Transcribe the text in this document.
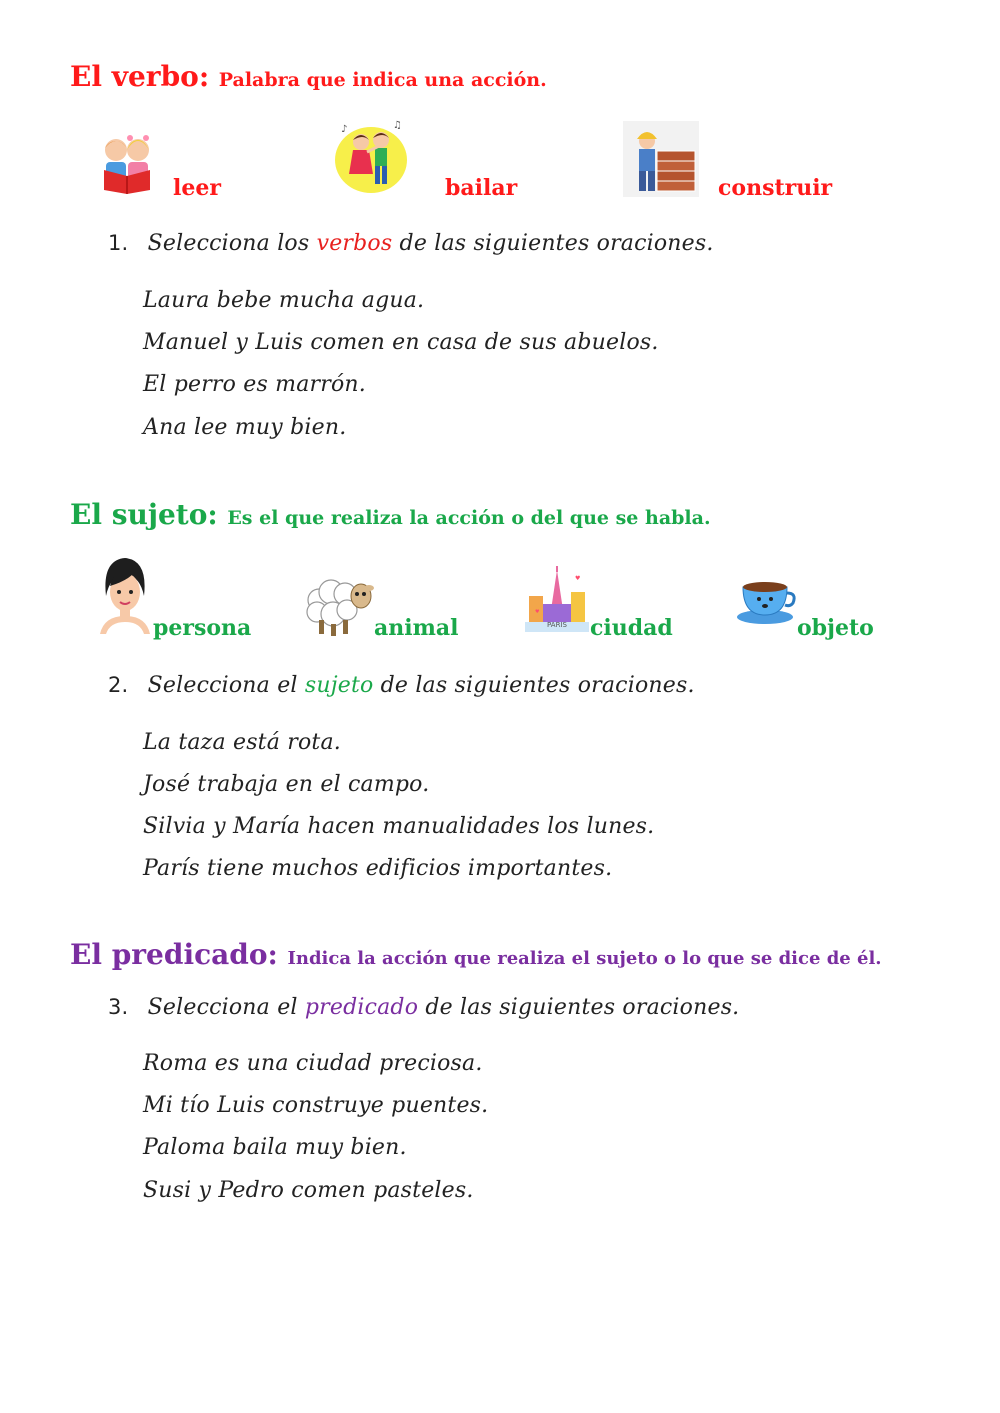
El verbo: Palabra que indica una acción.
leer
♪	♫
bailar	construir
1. Selecciona los verbos de las siguientes oraciones.
Laura bebe mucha agua.
Manuel y Luis comen en casa de sus abuelos.
El perro es marrón.
Ana lee muy bien.
El sujeto: Es el que realiza la acción o del que se habla.
persona	animal
♥
♥
PARIS	ciudad	objeto
2. Selecciona el sujeto de las siguientes oraciones.
La taza está rota.
José trabaja en el campo.
Silvia y María hacen manualidades los lunes.
París tiene muchos edificios importantes.
El predicado: Indica la acción que realiza el sujeto o lo que se dice de él.
3. Selecciona el predicado de las siguientes oraciones.
Roma es una ciudad preciosa.
Mi tío Luis construye puentes.
Paloma baila muy bien.
Susi y Pedro comen pasteles.
